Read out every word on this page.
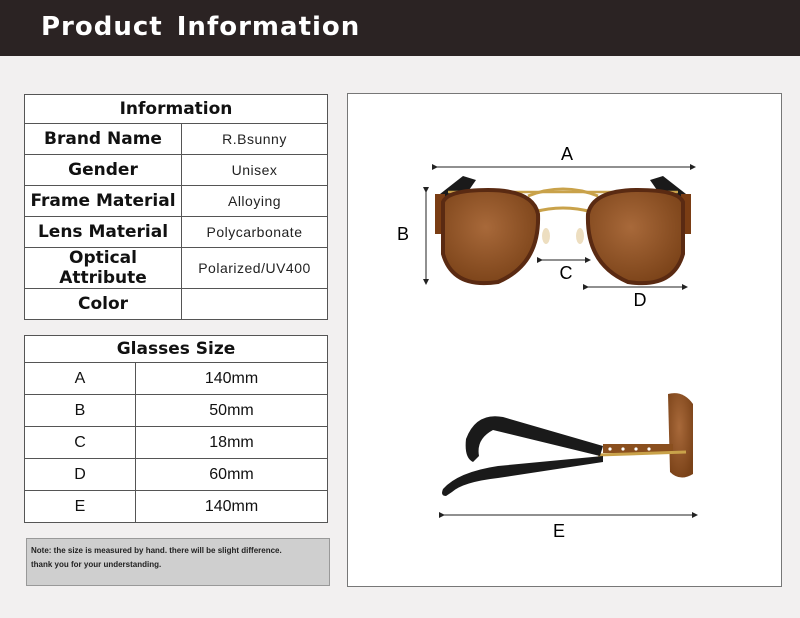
Product Information
Information	
Brand Name	R.Bsunny
Gender	Unisex
Frame Material	Alloying
Lens Material	Polycarbonate
Optical Attribute	Polarized/UV400
Color	
Glasses Size	
A	140mm
B	50mm
C	18mm
D	60mm
E	140mm
Note: the size is measured by hand. there will be slight difference.
thank you for your understanding.
A
B
C
D
E
